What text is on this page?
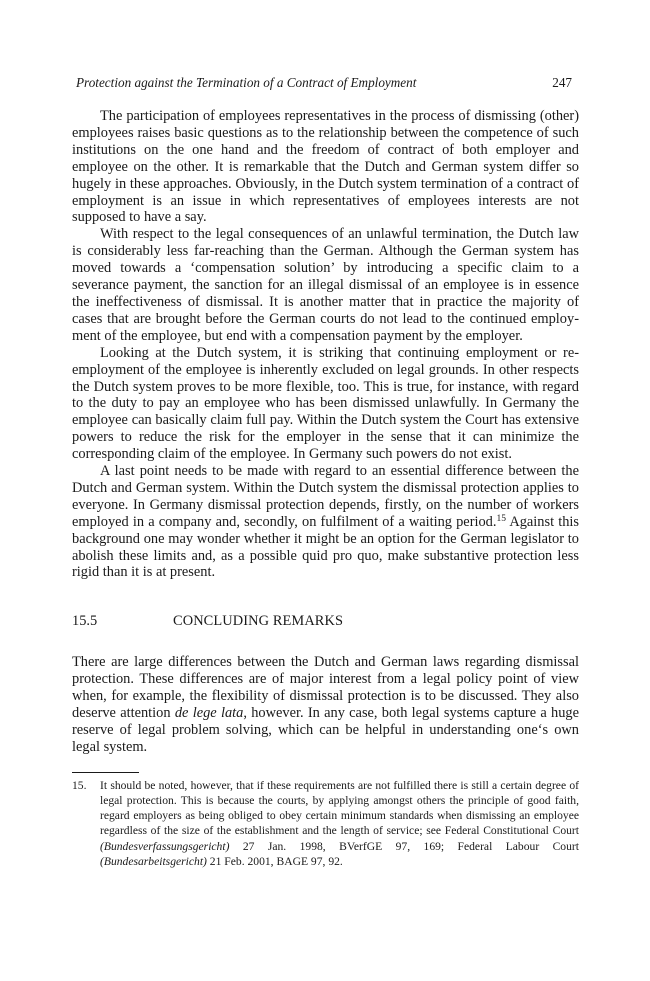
Protection against the Termination of a Contract of Employment	247

The participation of employees representatives in the process of dismissing (other) employees raises basic questions as to the relationship between the competence of such institutions on the one hand and the freedom of contract of both employer and employee on the other. It is remarkable that the Dutch and German system differ so hugely in these approaches. Obviously, in the Dutch system termination of a contract of employment is an issue in which representatives of employees interests are not supposed to have a say.

With respect to the legal consequences of an unlawful termination, the Dutch law is considerably less far-reaching than the German. Although the German system has moved towards a ‘compensation solution’ by introducing a specific claim to a severance payment, the sanction for an illegal dismissal of an employee is in essence the ineffectiveness of dismissal. It is another matter that in practice the majority of cases that are brought before the German courts do not lead to the continued employment of the employee, but end with a compensation payment by the employer.

Looking at the Dutch system, it is striking that continuing employment or re-employment of the employee is inherently excluded on legal grounds. In other respects the Dutch system proves to be more flexible, too. This is true, for instance, with regard to the duty to pay an employee who has been dismissed unlawfully. In Germany the employee can basically claim full pay. Within the Dutch system the Court has extensive powers to reduce the risk for the employer in the sense that it can minimize the corresponding claim of the employee. In Germany such powers do not exist.

A last point needs to be made with regard to an essential difference between the Dutch and German system. Within the Dutch system the dismissal protection applies to everyone. In Germany dismissal protection depends, firstly, on the number of workers employed in a company and, secondly, on fulfilment of a waiting period.$^{15}$ Against this background one may wonder whether it might be an option for the German legislator to abolish these limits and, as a possible quid pro quo, make substantive protection less rigid than it is at present.

15.5	CONCLUDING REMARKS

There are large differences between the Dutch and German laws regarding dismissal protection. These differences are of major interest from a legal policy point of view when, for example, the flexibility of dismissal protection is to be discussed. They also deserve attention de lege lata, however. In any case, both legal systems capture a huge reserve of legal problem solving, which can be helpful in understanding one‘s own legal system.

15.	It should be noted, however, that if these requirements are not fulfilled there is still a certain degree of legal protection. This is because the courts, by applying amongst others the principle of good faith, regard employers as being obliged to obey certain minimum standards when dismissing an employee regardless of the size of the establishment and the length of service; see Federal Constitutional Court (Bundesverfassungsgericht) 27 Jan. 1998, BVerfGE 97, 169; Federal Labour Court (Bundesarbeitsgericht) 21 Feb. 2001, BAGE 97, 92.
